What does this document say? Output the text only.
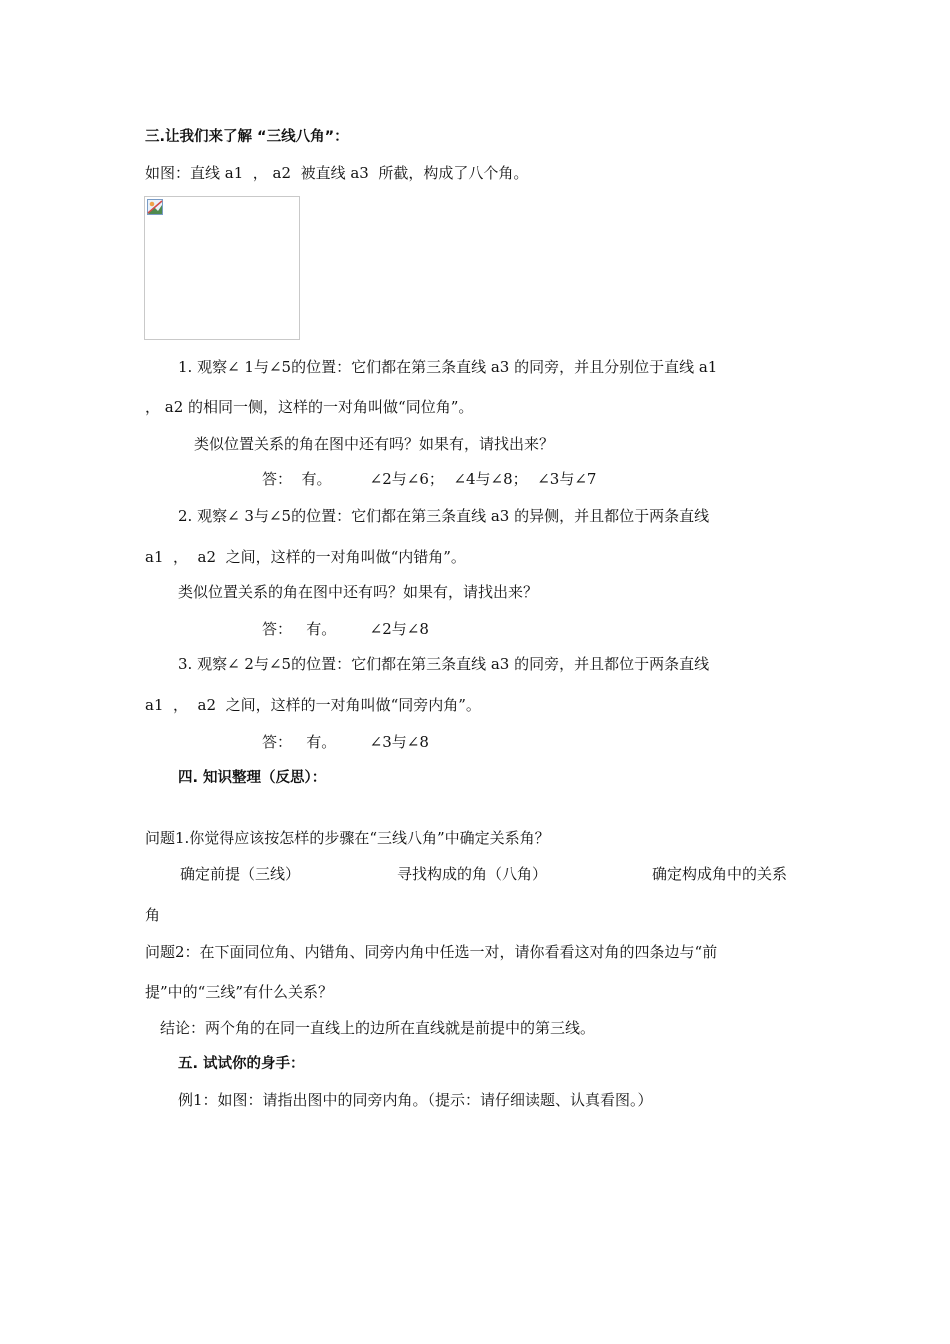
三.让我们来了解 “三线八角”：
如图：直线 a1  ， a2  被直线 a3  所截，构成了八个角。
1. 观察∠ 1与∠5的位置：它们都在第三条直线 a3 的同旁，并且分别位于直线 a1
， a2 的相同一侧，这样的一对角叫做“同位角”。
类似位置关系的角在图中还有吗？如果有，请找出来？
答：  有。        ∠2与∠6；  ∠4与∠8；  ∠3与∠7
2. 观察∠ 3与∠5的位置：它们都在第三条直线 a3 的异侧，并且都位于两条直线
a1  ，  a2  之间，这样的一对角叫做“内错角”。
类似位置关系的角在图中还有吗？如果有，请找出来？
答：   有。       ∠2与∠8
3. 观察∠ 2与∠5的位置：它们都在第三条直线 a3 的同旁，并且都位于两条直线
a1  ，  a2  之间，这样的一对角叫做“同旁内角”。
答：   有。       ∠3与∠8
四. 知识整理（反思）：
问题1.你觉得应该按怎样的步骤在“三线八角”中确定关系角？
确定前提（三线）	寻找构成的角（八角）	确定构成角中的关系
角
问题2：在下面同位角、内错角、同旁内角中任选一对，请你看看这对角的四条边与“前
提”中的“三线”有什么关系？
结论：两个角的在同一直线上的边所在直线就是前提中的第三线。
五. 试试你的身手：
例1：如图：请指出图中的同旁内角。（提示：请仔细读题、认真看图。）
